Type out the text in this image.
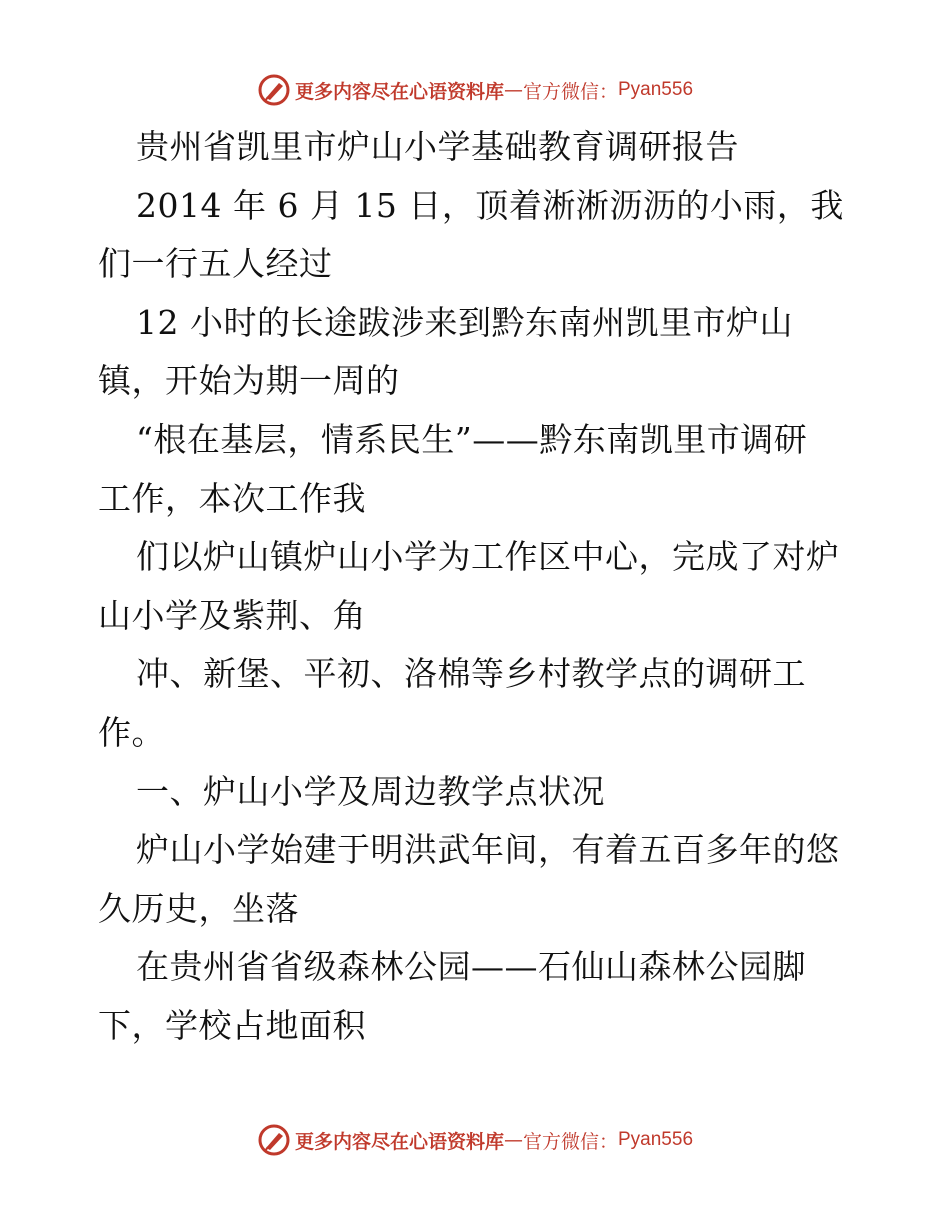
更多内容尽在心语资料库 — 官方微信： Pyan556

贵州省凯里市炉山小学基础教育调研报告

2014 年 6 月 15 日，顶着淅淅沥沥的小雨，我

们一行五人经过

12 小时的长途跋涉来到黔东南州凯里市炉山

镇，开始为期一周的

“根在基层，情系民生”——黔东南凯里市调研

工作，本次工作我

们以炉山镇炉山小学为工作区中心，完成了对炉

山小学及紫荆、角

冲、新堡、平初、洛棉等乡村教学点的调研工

作。

一、炉山小学及周边教学点状况

炉山小学始建于明洪武年间，有着五百多年的悠

久历史，坐落

在贵州省省级森林公园——石仙山森林公园脚

下，学校占地面积

更多内容尽在心语资料库 — 官方微信： Pyan556
